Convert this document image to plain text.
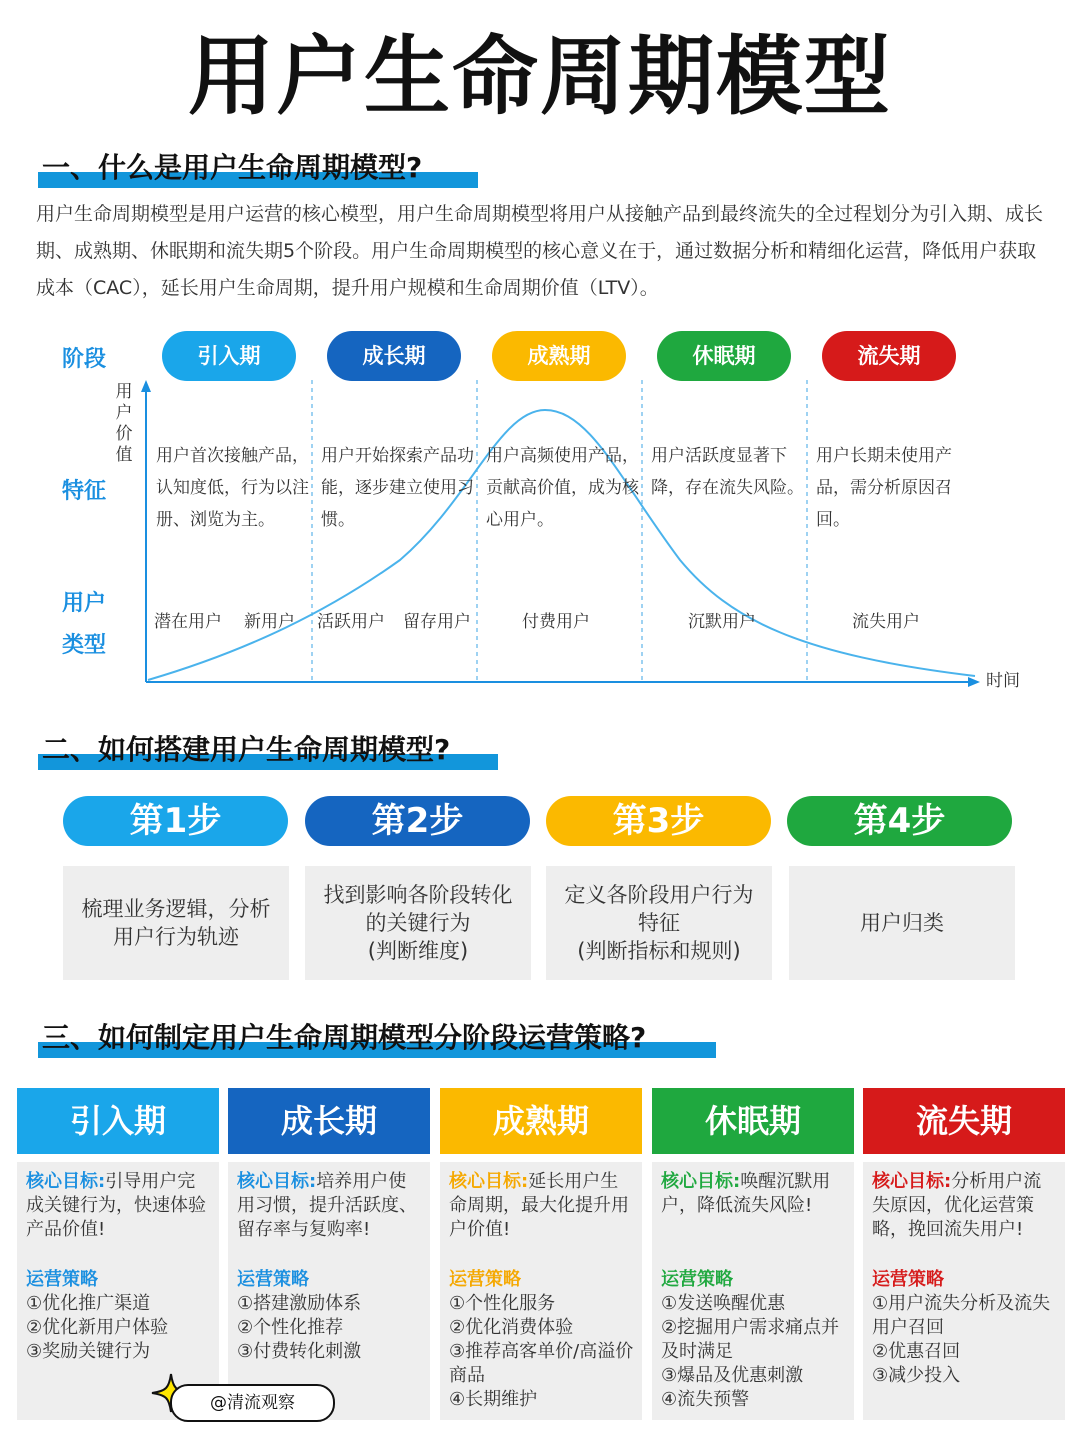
用户生命周期模型
一、什么是用户生命周期模型?
用户生命周期模型是用户运营的核心模型，用户生命周期模型将用户从接触产品到最终流失的全过程划分为引入期、成长期、成熟期、休眠期和流失期5个阶段。用户生命周期模型的核心意义在于，通过数据分析和精细化运营，降低用户获取成本（CAC），延长用户生命周期，提升用户规模和生命周期价值（LTV）。
阶段
特征
用户
类型
用户价值
时间
引入期	成长期	成熟期	休眠期	流失期
用户首次接触产品，认知度低，行为以注册、浏览为主。
用户开始探索产品功能，逐步建立使用习惯。
用户高频使用产品，贡献高价值，成为核心用户。
用户活跃度显著下降，存在流失风险。
用户长期未使用产品，需分析原因召回。
潜在用户 新用户 活跃用户 留存用户	付费用户	沉默用户	流失用户
二、如何搭建用户生命周期模型?
第1步	第2步	第3步	第4步
梳理业务逻辑，分析
用户行为轨迹
找到影响各阶段转化
的关键行为
(判断维度)
定义各阶段用户行为
特征
(判断指标和规则)
用户归类
三、如何制定用户生命周期模型分阶段运营策略?
引入期	成长期	成熟期	休眠期	流失期
核心目标:引导用户完成关键行为，快速体验产品价值!
运营策略
①优化推广渠道
②优化新用户体验
③奖励关键行为
核心目标:培养用户使用习惯，提升活跃度、留存率与复购率!
运营策略
①搭建激励体系
②个性化推荐
③付费转化刺激
核心目标:延长用户生命周期，最大化提升用户价值!
运营策略
①个性化服务
②优化消费体验
③推荐高客单价/高溢价商品
④长期维护
核心目标:唤醒沉默用户，降低流失风险!
运营策略
①发送唤醒优惠
②挖掘用户需求痛点并及时满足
③爆品及优惠刺激
④流失预警
核心目标:分析用户流失原因，优化运营策略，挽回流失用户!
运营策略
①用户流失分析及流失用户召回
②优惠召回
③减少投入
@清流观察
